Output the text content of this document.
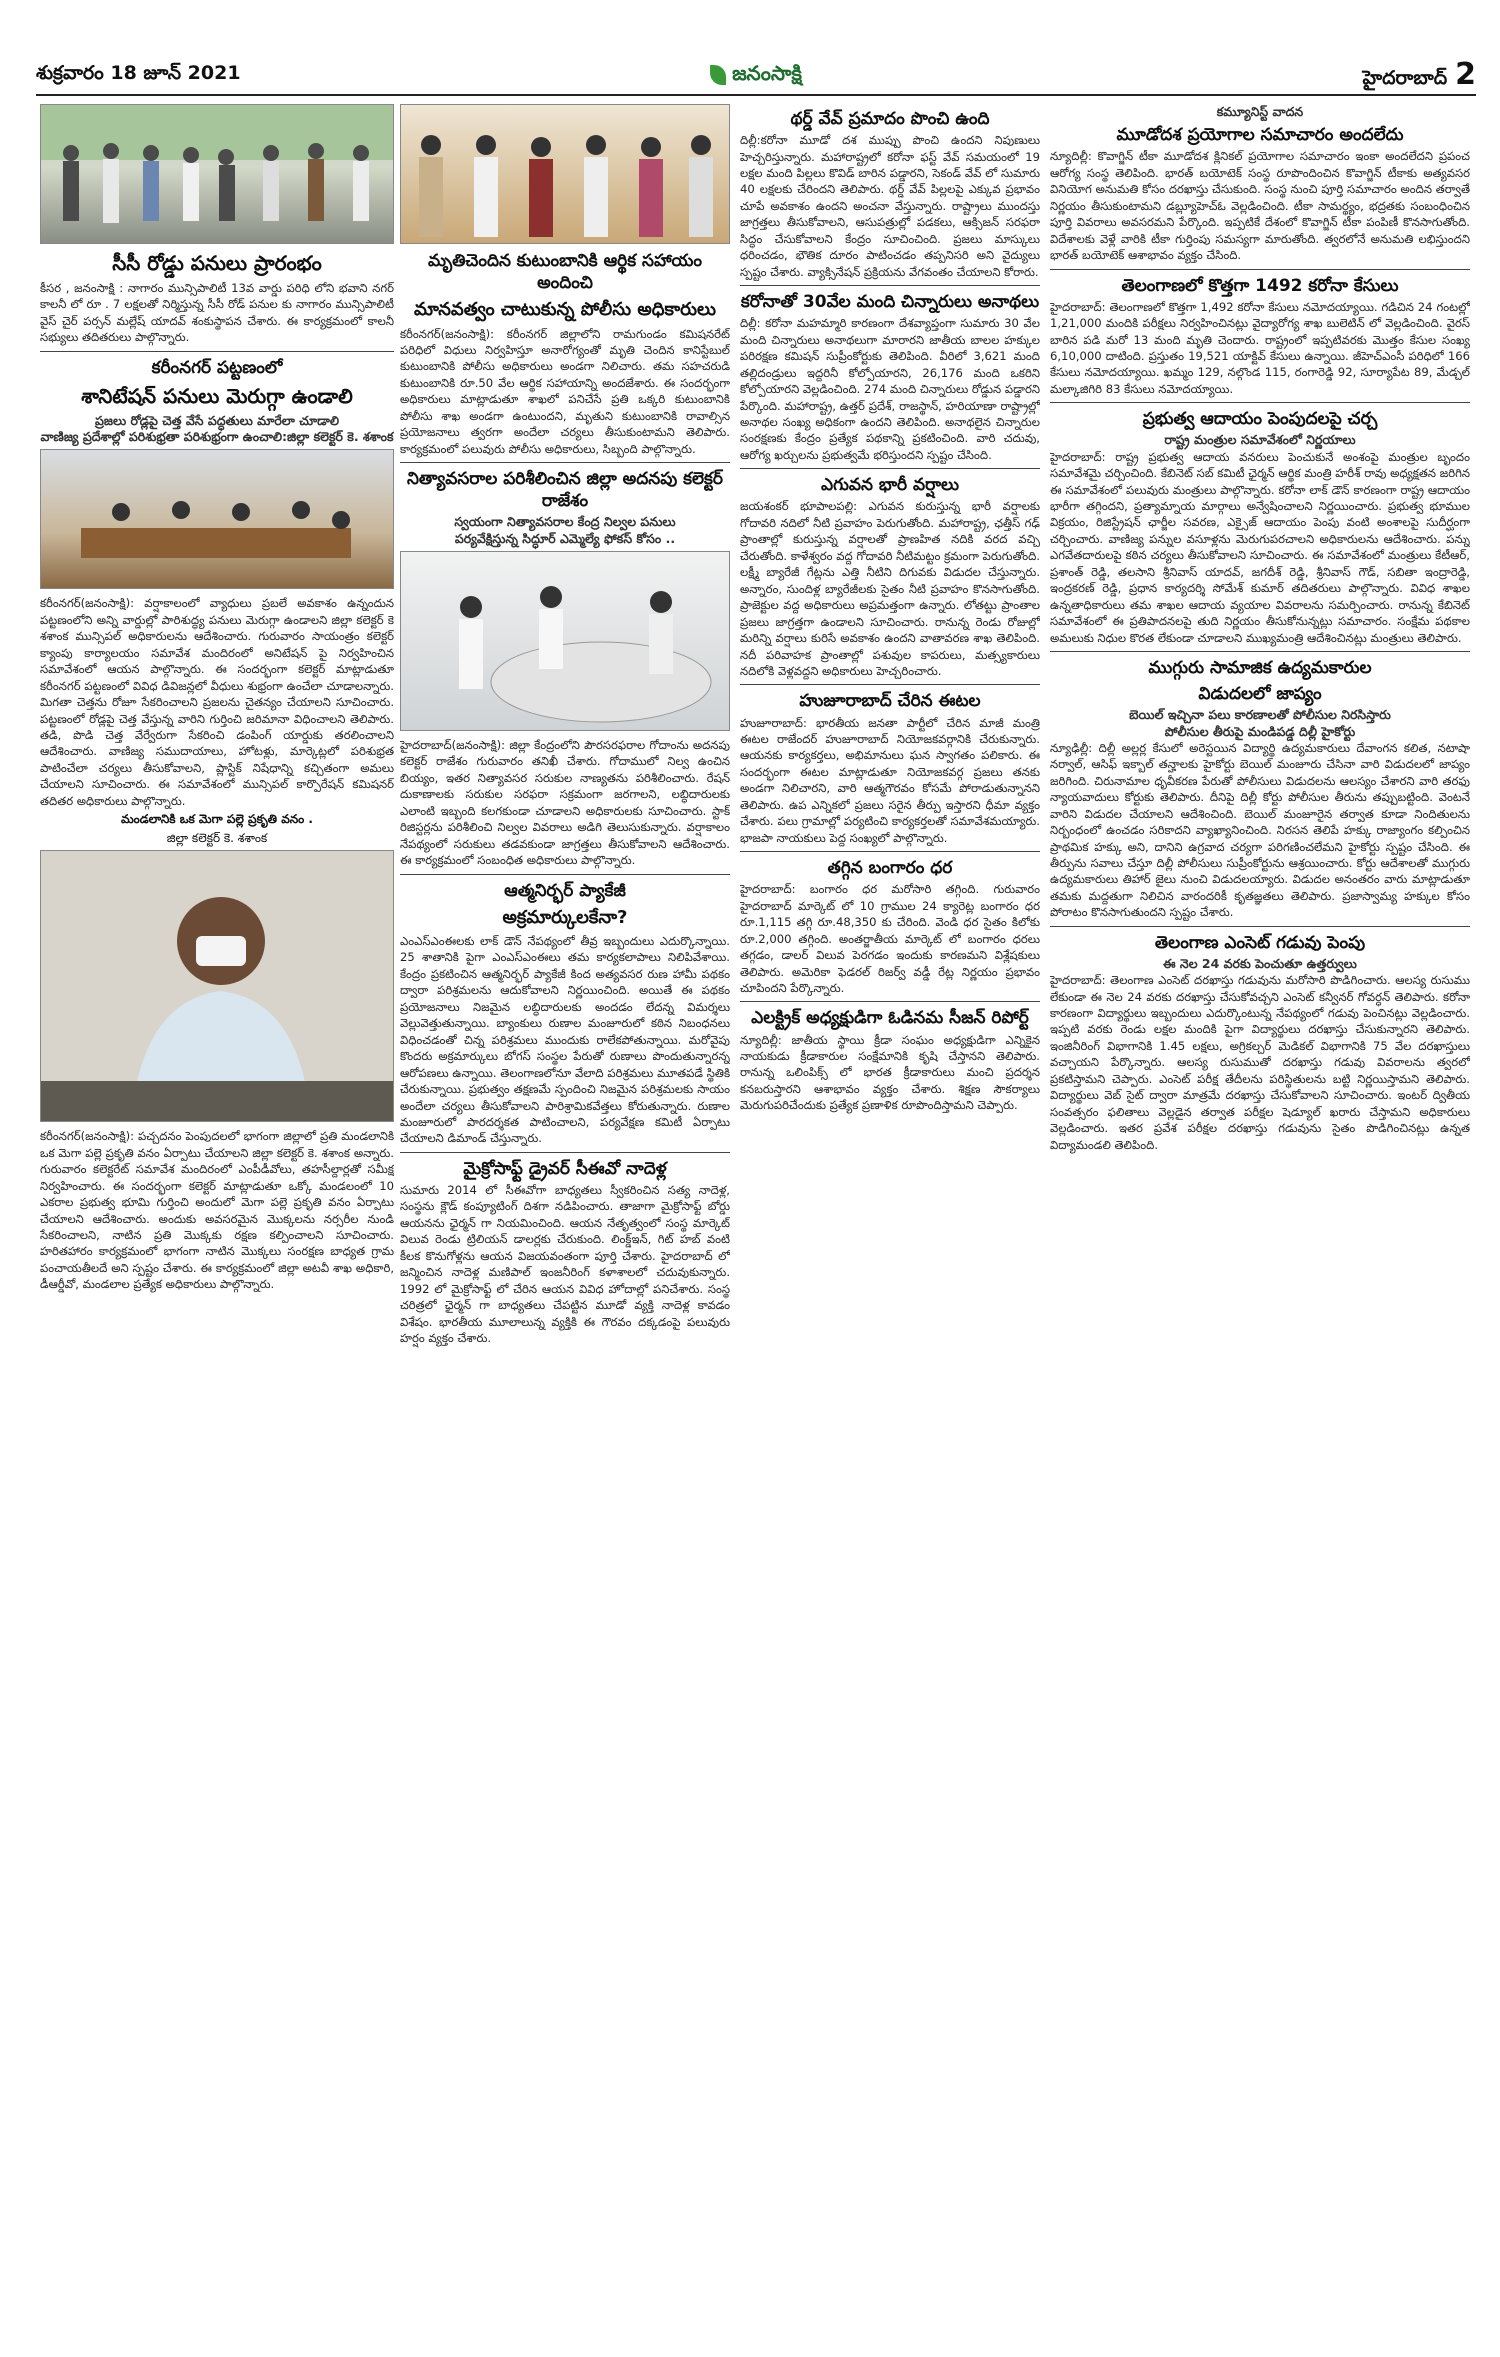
శుక్రవారం 18 జూన్ 2021	జనంసాక్షి	హైదరాబాద్ 2
సీసీ రోడ్డు పనులు ప్రారంభం

కీసర , జనంసాక్షి : నాగారం మున్సిపాలిటీ 13వ వార్డు పరిధి లోని భవాని నగర్ కాలనీ లో రూ . 7 లక్షలతో నిర్మిస్తున్న సీసీ రోడ్ పనుల కు నాగారం మున్సిపాలిటీ వైస్ చైర్ పర్సన్ మల్లేష్ యాదవ్ శంకుస్థాపన చేశారు. ఈ కార్యక్రమంలో కాలనీ సభ్యులు తదితరులు పాల్గొన్నారు.

కరీంనగర్ పట్టణంలో
శానిటేషన్ పనులు మెరుగ్గా ఉండాలి
ప్రజలు రోడ్లపై చెత్త వేసే పద్ధతులు మారేలా చూడాలి
వాణిజ్య ప్రదేశాల్లో పరిశుభ్రతా పరిశుభ్రంగా ఉంచాలి:జిల్లా కలెక్టర్ కె. శశాంక

కరీంనగర్(జనంసాక్షి): వర్షాకాలంలో వ్యాధులు ప్రబలే అవకాశం ఉన్నందున పట్టణంలోని అన్ని వార్డుల్లో పారిశుద్ధ్య పనులు మెరుగ్గా ఉండాలని జిల్లా కలెక్టర్ కె శశాంక మున్సిపల్ అధికారులను ఆదేశించారు. గురువారం సాయంత్రం కలెక్టర్ క్యాంపు కార్యాలయం సమావేశ మందిరంలో అనిటేషన్ పై నిర్వహించిన సమావేశంలో ఆయన పాల్గొన్నారు. ఈ సందర్భంగా కలెక్టర్ మాట్లాడుతూ కరీంనగర్ పట్టణంలో వివిధ డివిజన్లలో వీధులు శుభ్రంగా ఉంచేలా చూడాలన్నారు. మిగతా చెత్తను రోజూ సేకరించాలని ప్రజలను చైతన్యం చేయాలని సూచించారు. పట్టణంలో రోడ్లపై చెత్త వేస్తున్న వారిని గుర్తించి జరిమానా విధించాలని తెలిపారు. తడి, పొడి చెత్త వేర్వేరుగా సేకరించి డంపింగ్ యార్డుకు తరలించాలని ఆదేశించారు. వాణిజ్య సముదాయాలు, హోటళ్లు, మార్కెట్లలో పరిశుభ్రత పాటించేలా చర్యలు తీసుకోవాలని, ప్లాస్టిక్ నిషేధాన్ని కచ్చితంగా అమలు చేయాలని సూచించారు. ఈ సమావేశంలో మున్సిపల్ కార్పొరేషన్ కమిషనర్ తదితర అధికారులు పాల్గొన్నారు.

మండలానికి ఒక మెగా పల్లె ప్రకృతి వనం .
జిల్లా కలెక్టర్ కె. శశాంక

కరీంనగర్(జనంసాక్షి): పచ్చదనం పెంపుదలలో భాగంగా జిల్లాలో ప్రతి మండలానికి ఒక మెగా పల్లె ప్రకృతి వనం ఏర్పాటు చేయాలని జిల్లా కలెక్టర్ కె. శశాంక అన్నారు. గురువారం కలెక్టరేట్ సమావేశ మందిరంలో ఎంపీడీవోలు, తహసీల్దార్లతో సమీక్ష నిర్వహించారు. ఈ సందర్భంగా కలెక్టర్ మాట్లాడుతూ ఒక్కో మండలంలో 10 ఎకరాల ప్రభుత్వ భూమి గుర్తించి అందులో మెగా పల్లె ప్రకృతి వనం ఏర్పాటు చేయాలని ఆదేశించారు. అందుకు అవసరమైన మొక్కలను నర్సరీల నుండి సేకరించాలని, నాటిన ప్రతి మొక్కకు రక్షణ కల్పించాలని సూచించారు. హరితహారం కార్యక్రమంలో భాగంగా నాటిన మొక్కలు సంరక్షణ బాధ్యత గ్రామ పంచాయతీలదే అని స్పష్టం చేశారు. ఈ కార్యక్రమంలో జిల్లా అటవీ శాఖ అధికారి, డీఆర్డీవో, మండలాల ప్రత్యేక అధికారులు పాల్గొన్నారు.

మృతిచెందిన కుటుంబానికి ఆర్థిక సహాయం అందించి
మానవత్వం చాటుకున్న పోలీసు అధికారులు

కరీంనగర్(జనంసాక్షి): కరీంనగర్ జిల్లాలోని రామగుండం కమిషనరేట్ పరిధిలో విధులు నిర్వహిస్తూ అనారోగ్యంతో మృతి చెందిన కానిస్టేబుల్ కుటుంబానికి పోలీసు అధికారులు అండగా నిలిచారు. తమ సహచరుడి కుటుంబానికి రూ.50 వేల ఆర్థిక సహాయాన్ని అందజేశారు. ఈ సందర్భంగా అధికారులు మాట్లాడుతూ శాఖలో పనిచేసే ప్రతి ఒక్కరి కుటుంబానికి పోలీసు శాఖ అండగా ఉంటుందని, మృతుని కుటుంబానికి రావాల్సిన ప్రయోజనాలు త్వరగా అందేలా చర్యలు తీసుకుంటామని తెలిపారు. కార్యక్రమంలో పలువురు పోలీసు అధికారులు, సిబ్బంది పాల్గొన్నారు.

నిత్యావసరాల పరిశీలించిన జిల్లా అదనపు కలెక్టర్ రాజేశం
స్వయంగా నిత్యావసరాల కేంద్ర నిల్వల పనులు
పర్యవేక్షిస్తున్న సిద్ధూర్ ఎమ్మెల్యే ఫోకస్ కోసం ..

హైదరాబాద్(జనంసాక్షి): జిల్లా కేంద్రంలోని పౌరసరఫరాల గోదాంను అదనపు కలెక్టర్ రాజేశం గురువారం తనిఖీ చేశారు. గోదాములో నిల్వ ఉంచిన బియ్యం, ఇతర నిత్యావసర సరుకుల నాణ్యతను పరిశీలించారు. రేషన్ దుకాణాలకు సరుకుల సరఫరా సక్రమంగా జరగాలని, లబ్ధిదారులకు ఎలాంటి ఇబ్బంది కలగకుండా చూడాలని అధికారులకు సూచించారు. స్టాక్ రిజిస్టర్లను పరిశీలించి నిల్వల వివరాలు అడిగి తెలుసుకున్నారు. వర్షాకాలం నేపథ్యంలో సరుకులు తడవకుండా జాగ్రత్తలు తీసుకోవాలని ఆదేశించారు. ఈ కార్యక్రమంలో సంబంధిత అధికారులు పాల్గొన్నారు.

ఆత్మనిర్భర్ ప్యాకేజీ
అక్రమార్కులకేనా?

ఎంఎస్ఎంఈలకు లాక్ డౌన్ నేపథ్యంలో తీవ్ర ఇబ్బందులు ఎదుర్కొన్నాయి. 25 శాతానికి పైగా ఎంఎస్ఎంఈలు తమ కార్యకలాపాలు నిలిపివేశాయి. కేంద్రం ప్రకటించిన ఆత్మనిర్భర్ ప్యాకేజీ కింద అత్యవసర రుణ హామీ పథకం ద్వారా పరిశ్రమలను ఆదుకోవాలని నిర్ణయించింది. అయితే ఈ పథకం ప్రయోజనాలు నిజమైన లబ్ధిదారులకు అందడం లేదన్న విమర్శలు వెల్లువెత్తుతున్నాయి. బ్యాంకులు రుణాల మంజూరులో కఠిన నిబంధనలు విధించడంతో చిన్న పరిశ్రమలు ముందుకు రాలేకపోతున్నాయి. మరోవైపు కొందరు అక్రమార్కులు బోగస్ సంస్థల పేరుతో రుణాలు పొందుతున్నారన్న ఆరోపణలు ఉన్నాయి. తెలంగాణలోనూ వేలాది పరిశ్రమలు మూతపడే స్థితికి చేరుకున్నాయి. ప్రభుత్వం తక్షణమే స్పందించి నిజమైన పరిశ్రమలకు సాయం అందేలా చర్యలు తీసుకోవాలని పారిశ్రామికవేత్తలు కోరుతున్నారు. రుణాల మంజూరులో పారదర్శకత పాటించాలని, పర్యవేక్షణ కమిటీ ఏర్పాటు చేయాలని డిమాండ్ చేస్తున్నారు.

మైక్రోసాఫ్ట్ డ్రైవర్ సీఈవో నాదెళ్ల

సుమారు 2014 లో సీఈవోగా బాధ్యతలు స్వీకరించిన సత్య నాదెళ్ల, సంస్థను క్లౌడ్ కంప్యూటింగ్ దిశగా నడిపించారు. తాజాగా మైక్రోసాఫ్ట్ బోర్డు ఆయనను ఛైర్మన్ గా నియమించింది. ఆయన నేతృత్వంలో సంస్థ మార్కెట్ విలువ రెండు ట్రిలియన్ డాలర్లకు చేరుకుంది. లింక్డ్ఇన్, గిట్ హబ్ వంటి కీలక కొనుగోళ్లను ఆయన విజయవంతంగా పూర్తి చేశారు. హైదరాబాద్ లో జన్మించిన నాదెళ్ల మణిపాల్ ఇంజనీరింగ్ కళాశాలలో చదువుకున్నారు. 1992 లో మైక్రోసాఫ్ట్ లో చేరిన ఆయన వివిధ హోదాల్లో పనిచేశారు. సంస్థ చరిత్రలో ఛైర్మన్ గా బాధ్యతలు చేపట్టిన మూడో వ్యక్తి నాదెళ్ల కావడం విశేషం. భారతీయ మూలాలున్న వ్యక్తికి ఈ గౌరవం దక్కడంపై పలువురు హర్షం వ్యక్తం చేశారు.

థర్డ్ వేవ్ ప్రమాదం పొంచి ఉంది

దిల్లీ:కరోనా మూడో దశ ముప్పు పొంచి ఉందని నిపుణులు హెచ్చరిస్తున్నారు. మహారాష్ట్రలో కరోనా ఫస్ట్ వేవ్ సమయంలో 19 లక్షల మంది పిల్లలు కొవిడ్ బారిన పడ్డారని, సెకండ్ వేవ్ లో సుమారు 40 లక్షలకు చేరిందని తెలిపారు. థర్డ్ వేవ్ పిల్లలపై ఎక్కువ ప్రభావం చూపే అవకాశం ఉందని అంచనా వేస్తున్నారు. రాష్ట్రాలు ముందస్తు జాగ్రత్తలు తీసుకోవాలని, ఆసుపత్రుల్లో పడకలు, ఆక్సిజన్ సరఫరా సిద్ధం చేసుకోవాలని కేంద్రం సూచించింది. ప్రజలు మాస్కులు ధరించడం, భౌతిక దూరం పాటించడం తప్పనిసరి అని వైద్యులు స్పష్టం చేశారు. వ్యాక్సినేషన్ ప్రక్రియను వేగవంతం చేయాలని కోరారు.

కరోనాతో 30వేల మంది చిన్నారులు అనాథలు

దిల్లీ: కరోనా మహమ్మారి కారణంగా దేశవ్యాప్తంగా సుమారు 30 వేల మంది చిన్నారులు అనాథలుగా మారారని జాతీయ బాలల హక్కుల పరిరక్షణ కమిషన్ సుప్రీంకోర్టుకు తెలిపింది. వీరిలో 3,621 మంది తల్లిదండ్రులు ఇద్దరినీ కోల్పోయారని, 26,176 మంది ఒకరిని కోల్పోయారని వెల్లడించింది. 274 మంది చిన్నారులు రోడ్డున పడ్డారని పేర్కొంది. మహారాష్ట్ర, ఉత్తర్ ప్రదేశ్, రాజస్థాన్, హరియాణా రాష్ట్రాల్లో అనాథల సంఖ్య అధికంగా ఉందని తెలిపింది. అనాథలైన చిన్నారుల సంరక్షణకు కేంద్రం ప్రత్యేక పథకాన్ని ప్రకటించింది. వారి చదువు, ఆరోగ్య ఖర్చులను ప్రభుత్వమే భరిస్తుందని స్పష్టం చేసింది.

ఎగువన భారీ వర్షాలు

జయశంకర్ భూపాలపల్లి: ఎగువన కురుస్తున్న భారీ వర్షాలకు గోదావరి నదిలో నీటి ప్రవాహం పెరుగుతోంది. మహారాష్ట్ర, ఛత్తీస్ గఢ్ ప్రాంతాల్లో కురుస్తున్న వర్షాలతో ప్రాణహిత నదికి వరద వచ్చి చేరుతోంది. కాళేశ్వరం వద్ద గోదావరి నీటిమట్టం క్రమంగా పెరుగుతోంది. లక్ష్మీ బ్యారేజీ గేట్లను ఎత్తి నీటిని దిగువకు విడుదల చేస్తున్నారు. అన్నారం, సుందిళ్ల బ్యారేజీలకు సైతం నీటి ప్రవాహం కొనసాగుతోంది. ప్రాజెక్టుల వద్ద అధికారులు అప్రమత్తంగా ఉన్నారు. లోతట్టు ప్రాంతాల ప్రజలు జాగ్రత్తగా ఉండాలని సూచించారు. రానున్న రెండు రోజుల్లో మరిన్ని వర్షాలు కురిసే అవకాశం ఉందని వాతావరణ శాఖ తెలిపింది. నదీ పరివాహక ప్రాంతాల్లో పశువుల కాపరులు, మత్స్యకారులు నదిలోకి వెళ్లవద్దని అధికారులు హెచ్చరించారు.

హుజూరాబాద్ చేరిన ఈటల

హుజూరాబాద్: భారతీయ జనతా పార్టీలో చేరిన మాజీ మంత్రి ఈటల రాజేందర్ హుజూరాబాద్ నియోజకవర్గానికి చేరుకున్నారు. ఆయనకు కార్యకర్తలు, అభిమానులు ఘన స్వాగతం పలికారు. ఈ సందర్భంగా ఈటల మాట్లాడుతూ నియోజకవర్గ ప్రజలు తనకు అండగా నిలిచారని, వారి ఆత్మగౌరవం కోసమే పోరాడుతున్నానని తెలిపారు. ఉప ఎన్నికలో ప్రజలు సరైన తీర్పు ఇస్తారని ధీమా వ్యక్తం చేశారు. పలు గ్రామాల్లో పర్యటించి కార్యకర్తలతో సమావేశమయ్యారు. భాజపా నాయకులు పెద్ద సంఖ్యలో పాల్గొన్నారు.

తగ్గిన బంగారం ధర

హైదరాబాద్: బంగారం ధర మరోసారి తగ్గింది. గురువారం హైదరాబాద్ మార్కెట్ లో 10 గ్రాముల 24 క్యారెట్ల బంగారం ధర రూ.1,115 తగ్గి రూ.48,350 కు చేరింది. వెండి ధర సైతం కిలోకు రూ.2,000 తగ్గింది. అంతర్జాతీయ మార్కెట్ లో బంగారం ధరలు తగ్గడం, డాలర్ విలువ పెరగడం ఇందుకు కారణమని విశ్లేషకులు తెలిపారు. అమెరికా ఫెడరల్ రిజర్వ్ వడ్డీ రేట్ల నిర్ణయం ప్రభావం చూపిందని పేర్కొన్నారు.

ఎలక్ట్రిక్ అధ్యక్షుడిగా ఓడినమ సీజన్ రిపోర్ట్

న్యూదిల్లీ: జాతీయ స్థాయి క్రీడా సంఘం అధ్యక్షుడిగా ఎన్నికైన నాయకుడు క్రీడాకారుల సంక్షేమానికి కృషి చేస్తానని తెలిపారు. రానున్న ఒలింపిక్స్ లో భారత క్రీడాకారులు మంచి ప్రదర్శన కనబరుస్తారని ఆశాభావం వ్యక్తం చేశారు. శిక్షణ సౌకర్యాలు మెరుగుపరిచేందుకు ప్రత్యేక ప్రణాళిక రూపొందిస్తామని చెప్పారు.

కమ్యూనిస్ట్ వాదన
మూడోదశ ప్రయోగాల సమాచారం అందలేదు

న్యూదిల్లీ: కొవాగ్జిన్ టీకా మూడోదశ క్లినికల్ ప్రయోగాల సమాచారం ఇంకా అందలేదని ప్రపంచ ఆరోగ్య సంస్థ తెలిపింది. భారత్ బయోటెక్ సంస్థ రూపొందించిన కొవాగ్జిన్ టీకాకు అత్యవసర వినియోగ అనుమతి కోసం దరఖాస్తు చేసుకుంది. సంస్థ నుంచి పూర్తి సమాచారం అందిన తర్వాతే నిర్ణయం తీసుకుంటామని డబ్ల్యూహెచ్ఓ వెల్లడించింది. టీకా సామర్థ్యం, భద్రతకు సంబంధించిన పూర్తి వివరాలు అవసరమని పేర్కొంది. ఇప్పటికే దేశంలో కొవాగ్జిన్ టీకా పంపిణీ కొనసాగుతోంది. విదేశాలకు వెళ్లే వారికి టీకా గుర్తింపు సమస్యగా మారుతోంది. త్వరలోనే అనుమతి లభిస్తుందని భారత్ బయోటెక్ ఆశాభావం వ్యక్తం చేసింది.

తెలంగాణలో కొత్తగా 1492 కరోనా కేసులు

హైదరాబాద్: తెలంగాణలో కొత్తగా 1,492 కరోనా కేసులు నమోదయ్యాయి. గడిచిన 24 గంటల్లో 1,21,000 మందికి పరీక్షలు నిర్వహించినట్లు వైద్యారోగ్య శాఖ బులెటిన్ లో వెల్లడించింది. వైరస్ బారిన పడి మరో 13 మంది మృతి చెందారు. రాష్ట్రంలో ఇప్పటివరకు మొత్తం కేసుల సంఖ్య 6,10,000 దాటింది. ప్రస్తుతం 19,521 యాక్టివ్ కేసులు ఉన్నాయి. జీహెచ్ఎంసీ పరిధిలో 166 కేసులు నమోదయ్యాయి. ఖమ్మం 129, నల్గొండ 115, రంగారెడ్డి 92, సూర్యాపేట 89, మేడ్చల్ మల్కాజిగిరి 83 కేసులు నమోదయ్యాయి.

ప్రభుత్వ ఆదాయం పెంపుదలపై చర్చ
రాష్ట్ర మంత్రుల సమావేశంలో నిర్ణయాలు

హైదరాబాద్: రాష్ట్ర ప్రభుత్వ ఆదాయ వనరులు పెంచుకునే అంశంపై మంత్రుల బృందం సమావేశమై చర్చించింది. కేబినెట్ సబ్ కమిటీ ఛైర్మన్ ఆర్థిక మంత్రి హరీశ్ రావు అధ్యక్షతన జరిగిన ఈ సమావేశంలో పలువురు మంత్రులు పాల్గొన్నారు. కరోనా లాక్ డౌన్ కారణంగా రాష్ట్ర ఆదాయం భారీగా తగ్గిందని, ప్రత్యామ్నాయ మార్గాలు అన్వేషించాలని నిర్ణయించారు. ప్రభుత్వ భూముల విక్రయం, రిజిస్ట్రేషన్ ఛార్జీల సవరణ, ఎక్సైజ్ ఆదాయం పెంపు వంటి అంశాలపై సుదీర్ఘంగా చర్చించారు. వాణిజ్య పన్నుల వసూళ్లను మెరుగుపరచాలని అధికారులను ఆదేశించారు. పన్ను ఎగవేతదారులపై కఠిన చర్యలు తీసుకోవాలని సూచించారు. ఈ సమావేశంలో మంత్రులు కేటీఆర్, ప్రశాంత్ రెడ్డి, తలసాని శ్రీనివాస్ యాదవ్, జగదీశ్ రెడ్డి, శ్రీనివాస్ గౌడ్, సబితా ఇంద్రారెడ్డి, ఇంద్రకరణ్ రెడ్డి, ప్రధాన కార్యదర్శి సోమేశ్ కుమార్ తదితరులు పాల్గొన్నారు. వివిధ శాఖల ఉన్నతాధికారులు తమ శాఖల ఆదాయ వ్యయాల వివరాలను సమర్పించారు. రానున్న కేబినెట్ సమావేశంలో ఈ ప్రతిపాదనలపై తుది నిర్ణయం తీసుకోనున్నట్లు సమాచారం. సంక్షేమ పథకాల అమలుకు నిధుల కొరత లేకుండా చూడాలని ముఖ్యమంత్రి ఆదేశించినట్లు మంత్రులు తెలిపారు.

ముగ్గురు సామాజిక ఉద్యమకారుల
విడుదలలో జాప్యం
బెయిల్ ఇచ్చినా పలు కారణాలతో పోలీసుల నిరసిస్తారు
పోలీసుల తీరుపై మండిపడ్డ దిల్లీ హైకోర్టు

న్యూఢిల్లీ: దిల్లీ అల్లర్ల కేసులో అరెస్టయిన విద్యార్థి ఉద్యమకారులు దేవాంగన కలిత, నటాషా నర్వాల్, ఆసిఫ్ ఇక్బాల్ తన్హాలకు హైకోర్టు బెయిల్ మంజూరు చేసినా వారి విడుదలలో జాప్యం జరిగింది. చిరునామాల ధృవీకరణ పేరుతో పోలీసులు విడుదలను ఆలస్యం చేశారని వారి తరఫు న్యాయవాదులు కోర్టుకు తెలిపారు. దీనిపై దిల్లీ కోర్టు పోలీసుల తీరును తప్పుబట్టింది. వెంటనే వారిని విడుదల చేయాలని ఆదేశించింది. బెయిల్ మంజూరైన తర్వాత కూడా నిందితులను నిర్బంధంలో ఉంచడం సరికాదని వ్యాఖ్యానించింది. నిరసన తెలిపే హక్కు రాజ్యాంగం కల్పించిన ప్రాథమిక హక్కు అని, దానిని ఉగ్రవాద చర్యగా పరిగణించలేమని హైకోర్టు స్పష్టం చేసింది. ఈ తీర్పును సవాలు చేస్తూ దిల్లీ పోలీసులు సుప్రీంకోర్టును ఆశ్రయించారు. కోర్టు ఆదేశాలతో ముగ్గురు ఉద్యమకారులు తిహార్ జైలు నుంచి విడుదలయ్యారు. విడుదల అనంతరం వారు మాట్లాడుతూ తమకు మద్దతుగా నిలిచిన వారందరికీ కృతజ్ఞతలు తెలిపారు. ప్రజాస్వామ్య హక్కుల కోసం పోరాటం కొనసాగుతుందని స్పష్టం చేశారు.

తెలంగాణ ఎంసెట్ గడువు పెంపు
ఈ నెల 24 వరకు పెంచుతూ ఉత్తర్వులు

హైదరాబాద్: తెలంగాణ ఎంసెట్ దరఖాస్తు గడువును మరోసారి పొడిగించారు. ఆలస్య రుసుము లేకుండా ఈ నెల 24 వరకు దరఖాస్తు చేసుకోవచ్చని ఎంసెట్ కన్వీనర్ గోవర్ధన్ తెలిపారు. కరోనా కారణంగా విద్యార్థులు ఇబ్బందులు ఎదుర్కొంటున్న నేపథ్యంలో గడువు పెంచినట్లు వెల్లడించారు. ఇప్పటి వరకు రెండు లక్షల మందికి పైగా విద్యార్థులు దరఖాస్తు చేసుకున్నారని తెలిపారు. ఇంజినీరింగ్ విభాగానికి 1.45 లక్షలు, అగ్రికల్చర్ మెడికల్ విభాగానికి 75 వేల దరఖాస్తులు వచ్చాయని పేర్కొన్నారు. ఆలస్య రుసుముతో దరఖాస్తు గడువు వివరాలను త్వరలో ప్రకటిస్తామని చెప్పారు. ఎంసెట్ పరీక్ష తేదీలను పరిస్థితులను బట్టి నిర్ణయిస్తామని తెలిపారు. విద్యార్థులు వెబ్ సైట్ ద్వారా మాత్రమే దరఖాస్తు చేసుకోవాలని సూచించారు. ఇంటర్ ద్వితీయ సంవత్సరం ఫలితాలు వెల్లడైన తర్వాత పరీక్షల షెడ్యూల్ ఖరారు చేస్తామని అధికారులు వెల్లడించారు. ఇతర ప్రవేశ పరీక్షల దరఖాస్తు గడువును సైతం పొడిగించినట్లు ఉన్నత విద్యామండలి తెలిపింది.
